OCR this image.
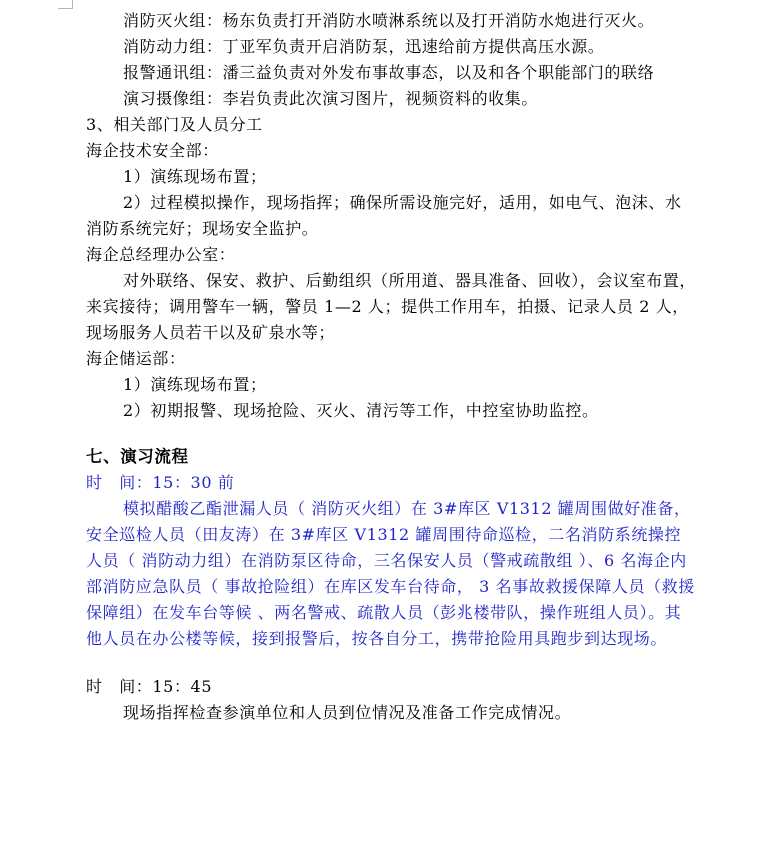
消防灭火组：杨东负责打开消防水喷淋系统以及打开消防水炮进行灭火。

消防动力组：丁亚军负责开启消防泵，迅速给前方提供高压水源。

报警通讯组：潘三益负责对外发布事故事态，以及和各个职能部门的联络

演习摄像组：李岩负责此次演习图片，视频资料的收集。

3、相关部门及人员分工

海企技术安全部：

1）演练现场布置；

2）过程模拟操作，现场指挥；确保所需设施完好，适用，如电气、泡沫、水消防系统完好；现场安全监护。

海企总经理办公室：

对外联络、保安、救护、后勤组织（所用道、器具准备、回收），会议室布置，来宾接待；调用警车一辆，警员 1—2 人；提供工作用车，拍摄、记录人员 2 人，现场服务人员若干以及矿泉水等；

海企储运部：

1）演练现场布置；

2）初期报警、现场抢险、灭火、清污等工作，中控室协助监控。

七、演习流程

时　间：15：30 前

模拟醋酸乙酯泄漏人员（ 消防灭火组）在 3#库区 V1312 罐周围做好准备，安全巡检人员（田友涛）在 3#库区 V1312 罐周围待命巡检，二名消防系统操控人员（ 消防动力组）在消防泵区待命，三名保安人员（警戒疏散组 ）、6 名海企内部消防应急队员（ 事故抢险组）在库区发车台待命， 3 名事故救援保障人员（救援保障组）在发车台等候 、两名警戒、疏散人员（彭兆楼带队，操作班组人员）。其他人员在办公楼等候，接到报警后，按各自分工，携带抢险用具跑步到达现场。

时　间：15：45

现场指挥检查参演单位和人员到位情况及准备工作完成情况。
